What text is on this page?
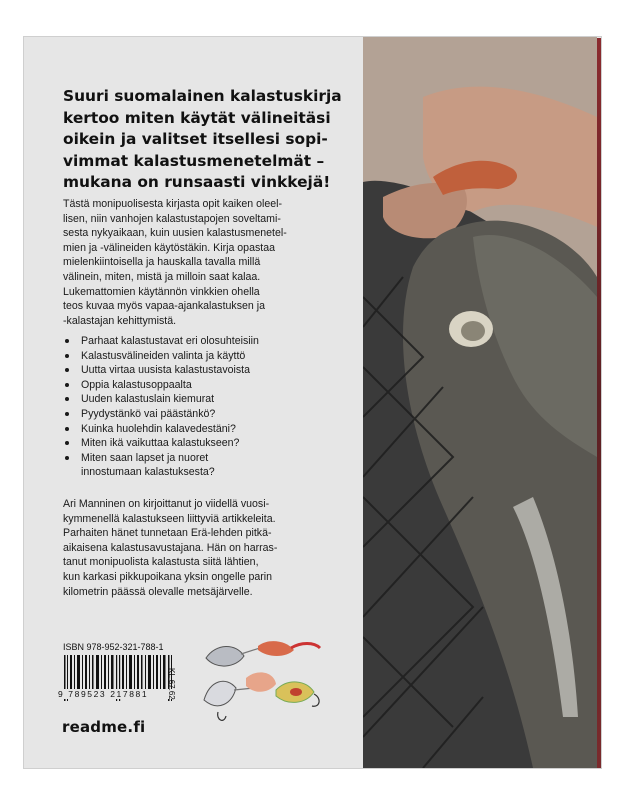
Suuri suomalainen kalastuskirja
kertoo miten käytät välineitäsi
oikein ja valitset itsellesi sopi-
vimmat kalastusmenetelmät –
mukana on runsaasti vinkkejä!
Tästä monipuolisesta kirjasta opit kaiken oleel-
lisen, niin vanhojen kalastustapojen soveltami-
sesta nykyaikaan, kuin uusien kalastusmenetel-
mien ja -välineiden käytöstäkin. Kirja opastaa
mielenkiintoisella ja hauskalla tavalla millä
välinein, miten, mistä ja milloin saat kalaa.
Lukemattomien käytännön vinkkien ohella
teos kuvaa myös vapaa-ajankalastuksen ja
-kalastajan kehittymistä.
Parhaat kalastustavat eri olosuhteisiin
Kalastusvälineiden valinta ja käyttö
Uutta virtaa uusista kalastustavoista
Oppia kalastusoppaalta
Uuden kalastuslain kiemurat
Pyydystänkö vai päästänkö?
Kuinka huolehdin kalavedestäni?
Miten ikä vaikuttaa kalastukseen?
Miten saan lapset ja nuoret
innostumaan kalastuksesta?
Ari Manninen on kirjoittanut jo viidellä vuosi-
kymmenellä kalastukseen liittyviä artikkeleita.
Parhaiten hänet tunnetaan Erä-lehden pitkä-
aikaisena kalastusavustajana. Hän on harras-
tanut monipuolista kalastusta siitä lähtien,
kun karkasi pikkupoikana yksin ongelle parin
kilometrin päässä olevalle metsäjärvelle.
ISBN 978-952-321-788-1
9 789523 217881	KL 67.62
readme.fi
